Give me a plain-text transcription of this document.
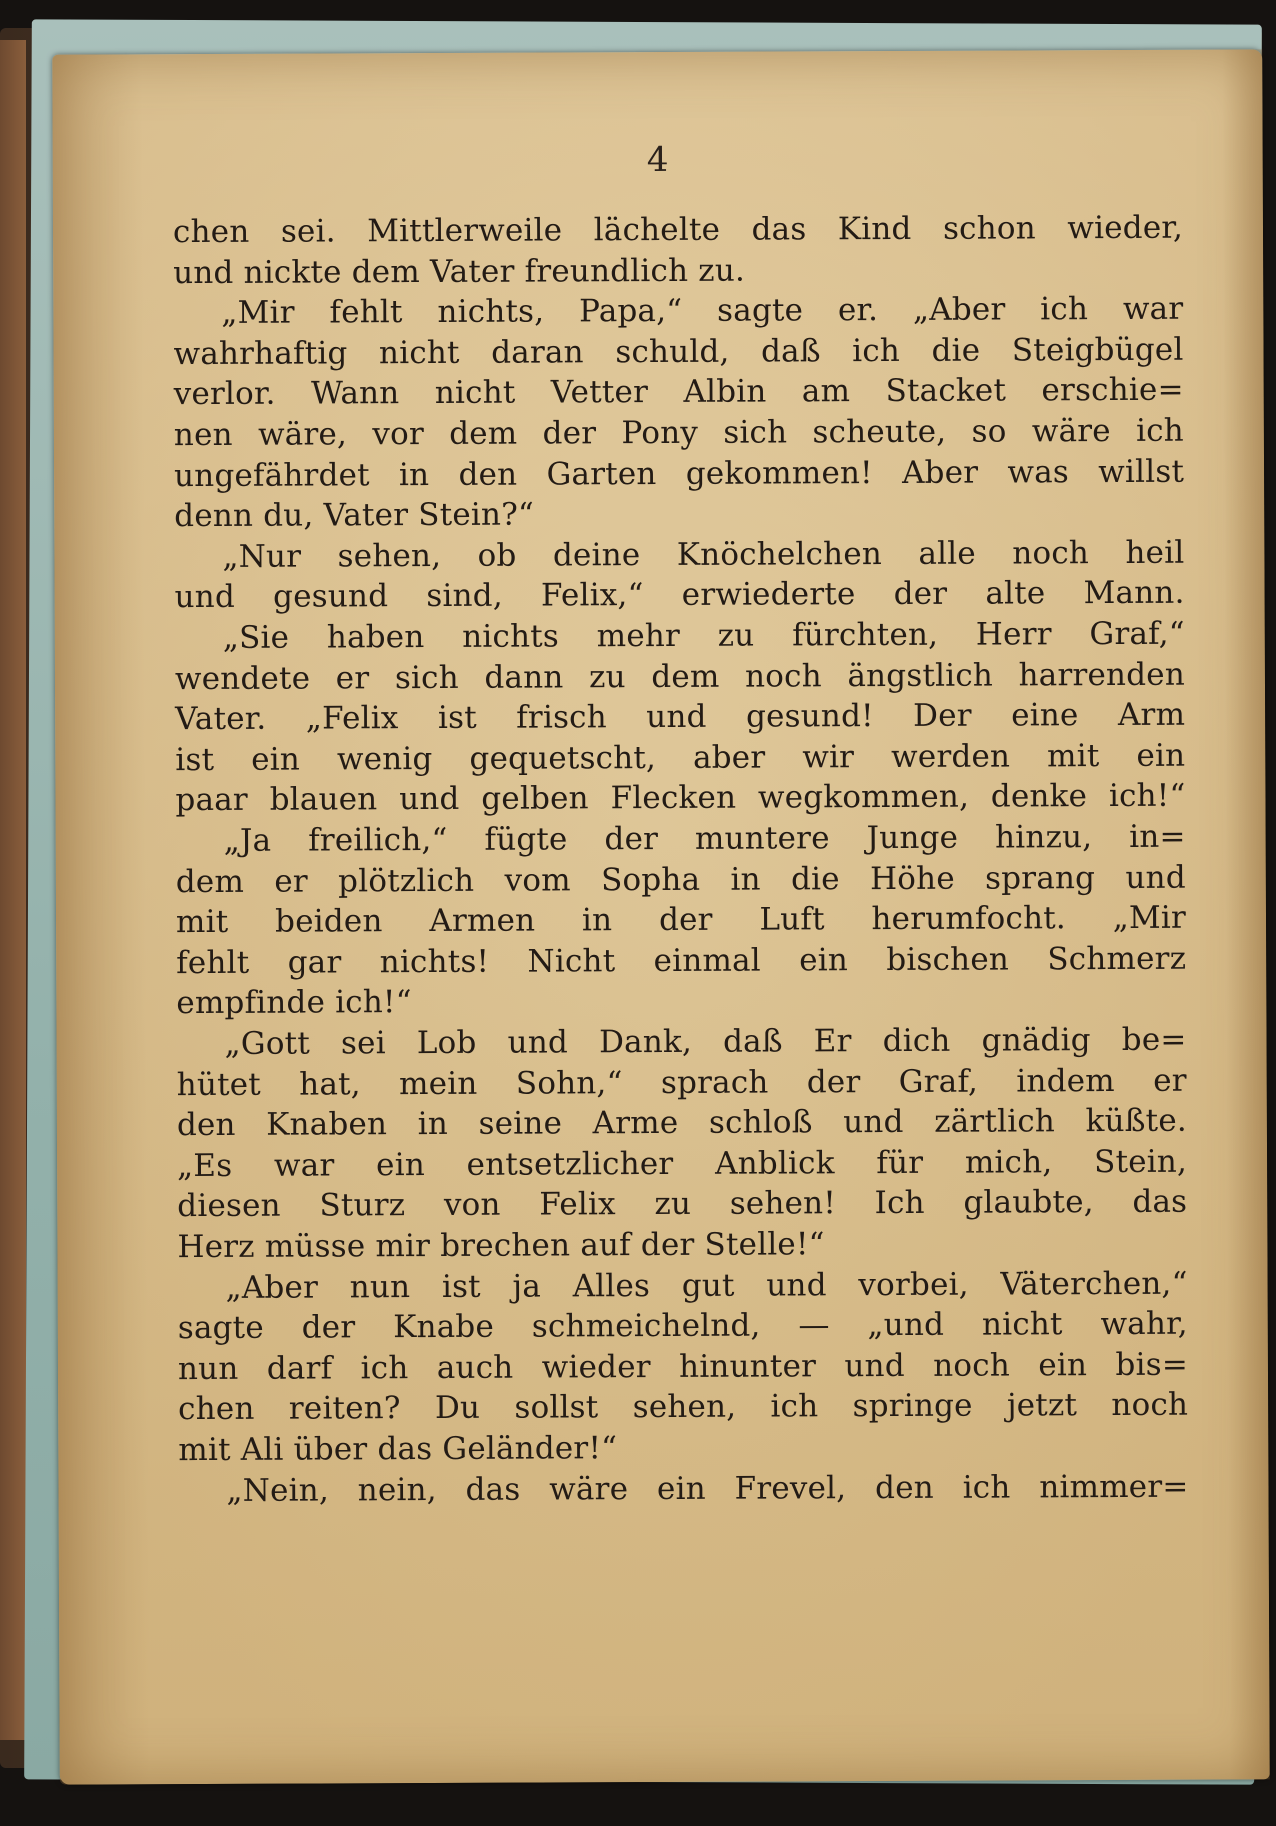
4
chen sei. Mittlerweile lächelte das Kind schon wieder,
und nickte dem Vater freundlich zu.
„Mir fehlt nichts, Papa,“ sagte er. „Aber ich war
wahrhaftig nicht daran schuld, daß ich die Steigbügel
verlor. Wann nicht Vetter Albin am Stacket erschie=
nen wäre, vor dem der Pony sich scheute, so wäre ich
ungefährdet in den Garten gekommen! Aber was willst
denn du, Vater Stein?“
„Nur sehen, ob deine Knöchelchen alle noch heil
und gesund sind, Felix,“ erwiederte der alte Mann.
„Sie haben nichts mehr zu fürchten, Herr Graf,“
wendete er sich dann zu dem noch ängstlich harrenden
Vater. „Felix ist frisch und gesund! Der eine Arm
ist ein wenig gequetscht, aber wir werden mit ein
paar blauen und gelben Flecken wegkommen, denke ich!“
„Ja freilich,“ fügte der muntere Junge hinzu, in=
dem er plötzlich vom Sopha in die Höhe sprang und
mit beiden Armen in der Luft herumfocht. „Mir
fehlt gar nichts! Nicht einmal ein bischen Schmerz
empfinde ich!“
„Gott sei Lob und Dank, daß Er dich gnädig be=
hütet hat, mein Sohn,“ sprach der Graf, indem er
den Knaben in seine Arme schloß und zärtlich küßte.
„Es war ein entsetzlicher Anblick für mich, Stein,
diesen Sturz von Felix zu sehen! Ich glaubte, das
Herz müsse mir brechen auf der Stelle!“
„Aber nun ist ja Alles gut und vorbei, Väterchen,“
sagte der Knabe schmeichelnd, — „und nicht wahr,
nun darf ich auch wieder hinunter und noch ein bis=
chen reiten? Du sollst sehen, ich springe jetzt noch
mit Ali über das Geländer!“
„Nein, nein, das wäre ein Frevel, den ich nimmer=
